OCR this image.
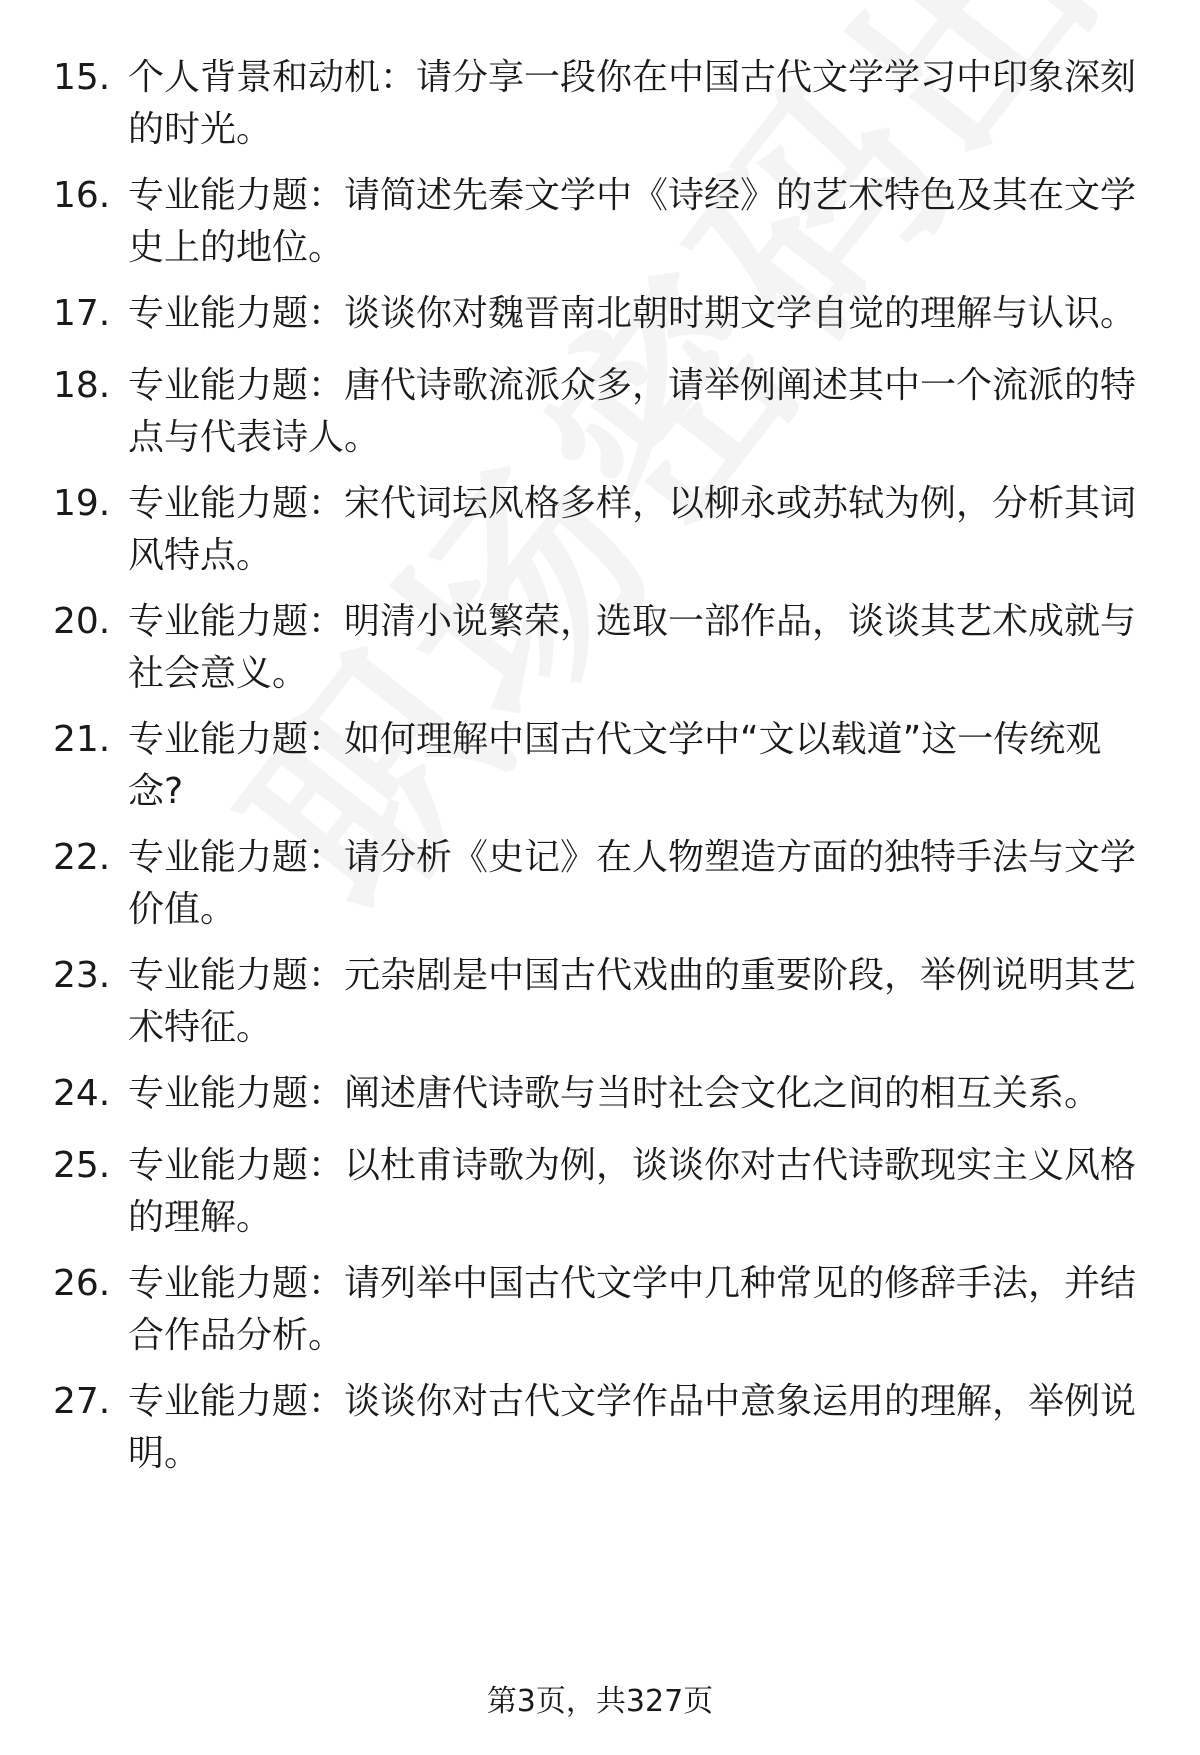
15. 个人背景和动机：请分享一段你在中国古代文学学习中印象深刻的时光。
16. 专业能力题：请简述先秦文学中《诗经》的艺术特色及其在文学史上的地位。
17. 专业能力题：谈谈你对魏晋南北朝时期文学自觉的理解与认识。
18. 专业能力题：唐代诗歌流派众多，请举例阐述其中一个流派的特点与代表诗人。
19. 专业能力题：宋代词坛风格多样，以柳永或苏轼为例，分析其词风特点。
20. 专业能力题：明清小说繁荣，选取一部作品，谈谈其艺术成就与社会意义。
21. 专业能力题：如何理解中国古代文学中“文以载道”这一传统观念?
22. 专业能力题：请分析《史记》在人物塑造方面的独特手法与文学价值。
23. 专业能力题：元杂剧是中国古代戏曲的重要阶段，举例说明其艺术特征。
24. 专业能力题：阐述唐代诗歌与当时社会文化之间的相互关系。
25. 专业能力题：以杜甫诗歌为例，谈谈你对古代诗歌现实主义风格的理解。
26. 专业能力题：请列举中国古代文学中几种常见的修辞手法，并结合作品分析。
27. 专业能力题：谈谈你对古代文学作品中意象运用的理解，举例说明。
第3页，共327页
